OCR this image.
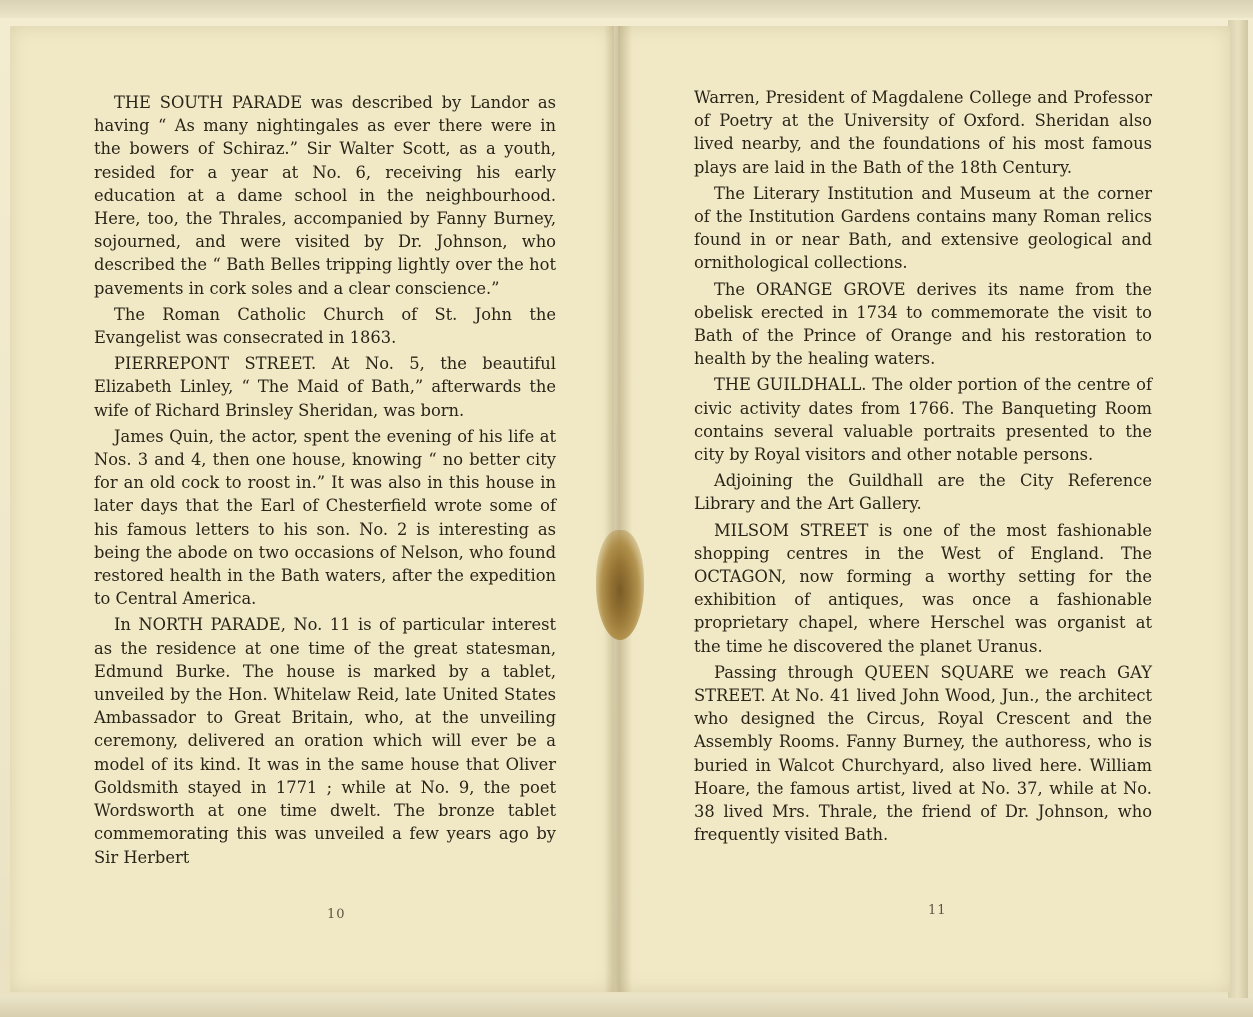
THE SOUTH PARADE was described by Landor as having “ As many nightingales as ever there were in the bowers of Schiraz.” Sir Walter Scott, as a youth, resided for a year at No. 6, receiving his early education at a dame school in the neighbourhood. Here, too, the Thrales, accompanied by Fanny Burney, sojourned, and were visited by Dr. Johnson, who described the “ Bath Belles tripping lightly over the hot pavements in cork soles and a clear conscience.”

The Roman Catholic Church of St. John the Evangelist was consecrated in 1863.

PIERREPONT STREET. At No. 5, the beautiful Elizabeth Linley, “ The Maid of Bath,” afterwards the wife of Richard Brinsley Sheridan, was born.

James Quin, the actor, spent the evening of his life at Nos. 3 and 4, then one house, knowing “ no better city for an old cock to roost in.” It was also in this house in later days that the Earl of Chesterfield wrote some of his famous letters to his son. No. 2 is interesting as being the abode on two occasions of Nelson, who found restored health in the Bath waters, after the expedition to Central America.

In NORTH PARADE, No. 11 is of particular interest as the residence at one time of the great statesman, Edmund Burke. The house is marked by a tablet, unveiled by the Hon. Whitelaw Reid, late United States Ambassador to Great Britain, who, at the unveiling ceremony, delivered an oration which will ever be a model of its kind. It was in the same house that Oliver Goldsmith stayed in 1771 ; while at No. 9, the poet Wordsworth at one time dwelt. The bronze tablet commemorating this was unveiled a few years ago by Sir Herbert

Warren, President of Magdalene College and Professor of Poetry at the University of Oxford. Sheridan also lived nearby, and the foundations of his most famous plays are laid in the Bath of the 18th Century.

The Literary Institution and Museum at the corner of the Institution Gardens contains many Roman relics found in or near Bath, and extensive geological and ornithological collections.

The ORANGE GROVE derives its name from the obelisk erected in 1734 to commemorate the visit to Bath of the Prince of Orange and his restoration to health by the healing waters.

THE GUILDHALL. The older portion of the centre of civic activity dates from 1766. The Banqueting Room contains several valuable portraits presented to the city by Royal visitors and other notable persons.

Adjoining the Guildhall are the City Reference Library and the Art Gallery.

MILSOM STREET is one of the most fashionable shopping centres in the West of England. The OCTAGON, now forming a worthy setting for the exhibition of antiques, was once a fashionable proprietary chapel, where Herschel was organist at the time he discovered the planet Uranus.

Passing through QUEEN SQUARE we reach GAY STREET. At No. 41 lived John Wood, Jun., the architect who designed the Circus, Royal Crescent and the Assembly Rooms. Fanny Burney, the authoress, who is buried in Walcot Churchyard, also lived here. William Hoare, the famous artist, lived at No. 37, while at No. 38 lived Mrs. Thrale, the friend of Dr. Johnson, who frequently visited Bath.

10	11
